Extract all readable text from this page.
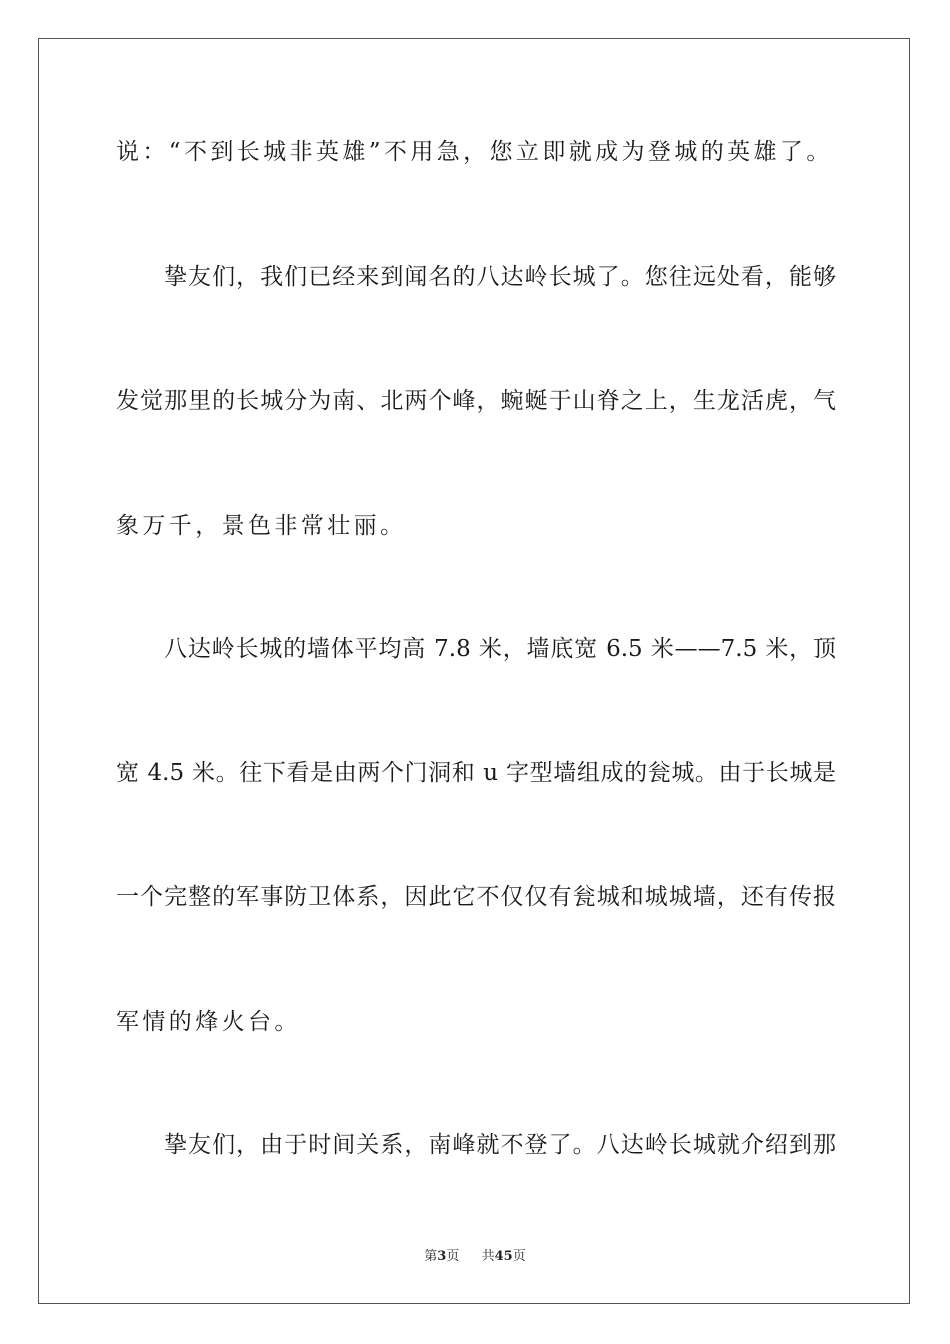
说：“不到长城非英雄”不用急，您立即就成为登城的英雄了。
挚友们，我们已经来到闻名的八达岭长城了。您往远处看，能够
发觉那里的长城分为南、北两个峰，蜿蜒于山脊之上，生龙活虎，气
象万千，景色非常壮丽。
八达岭长城的墙体平均高 7.8 米，墙底宽 6.5 米——7.5 米，顶
宽 4.5 米。往下看是由两个门洞和 u 字型墙组成的瓮城。由于长城是
一个完整的军事防卫体系，因此它不仅仅有瓮城和城城墙，还有传报
军情的烽火台。
挚友们，由于时间关系，南峰就不登了。八达岭长城就介绍到那
第3页 共45页
